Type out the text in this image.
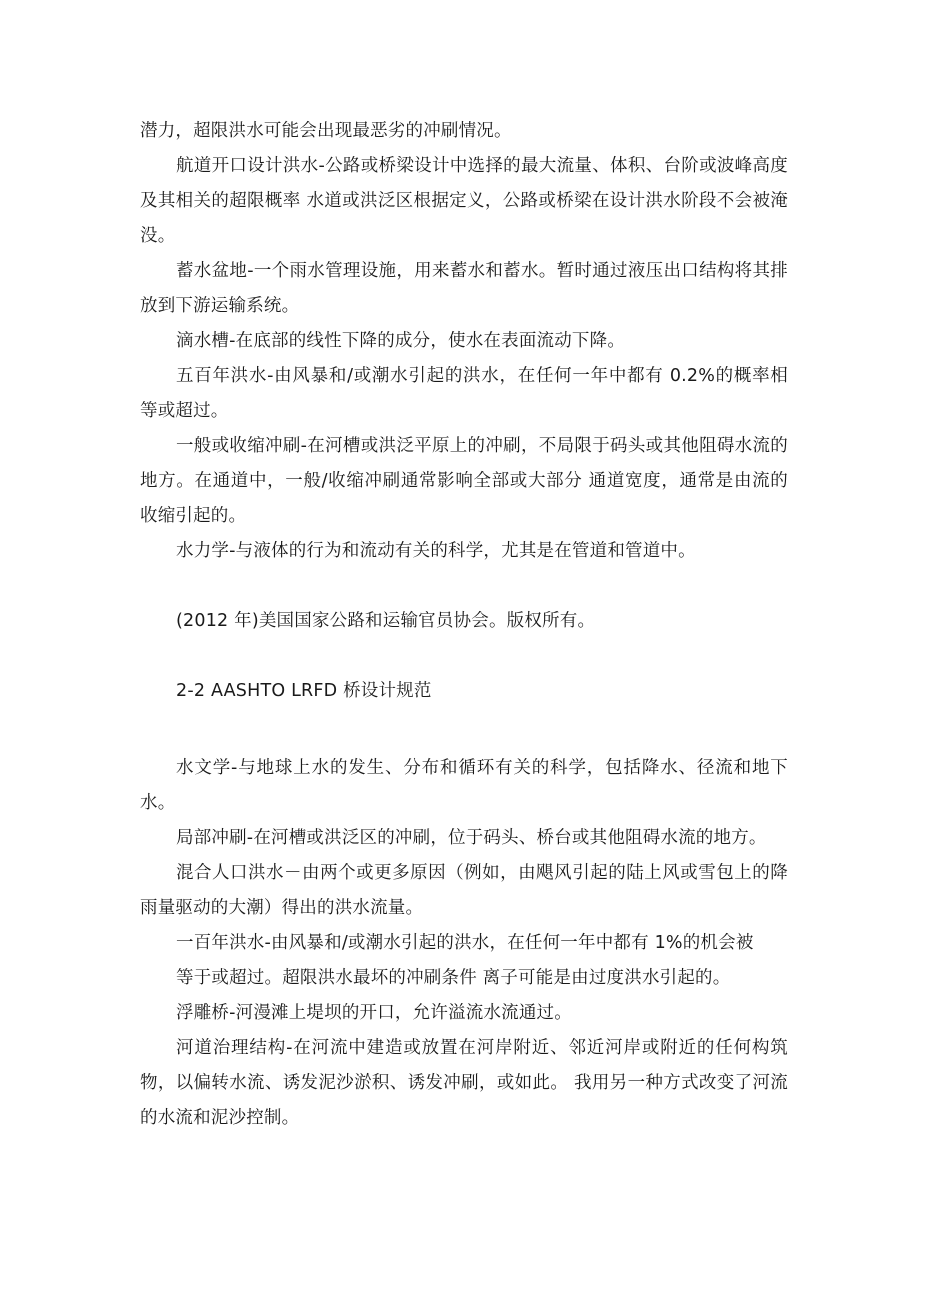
潜力，超限洪水可能会出现最恶劣的冲刷情况。

航道开口设计洪水-公路或桥梁设计中选择的最大流量、体积、台阶或波峰高度及其相关的超限概率 水道或洪泛区根据定义，公路或桥梁在设计洪水阶段不会被淹没。

蓄水盆地-一个雨水管理设施，用来蓄水和蓄水。暂时通过液压出口结构将其排放到下游运输系统。

滴水槽-在底部的线性下降的成分，使水在表面流动下降。

五百年洪水-由风暴和/或潮水引起的洪水，在任何一年中都有 0.2%的概率相等或超过。

一般或收缩冲刷-在河槽或洪泛平原上的冲刷，不局限于码头或其他阻碍水流的地方。在通道中，一般/收缩冲刷通常影响全部或大部分 通道宽度，通常是由流的收缩引起的。

水力学-与液体的行为和流动有关的科学，尤其是在管道和管道中。

(2012 年)美国国家公路和运输官员协会。版权所有。

2-2 AASHTO LRFD 桥设计规范

水文学-与地球上水的发生、分布和循环有关的科学，包括降水、径流和地下水。

局部冲刷-在河槽或洪泛区的冲刷，位于码头、桥台或其他阻碍水流的地方。

混合人口洪水－由两个或更多原因（例如，由飓风引起的陆上风或雪包上的降雨量驱动的大潮）得出的洪水流量。

一百年洪水-由风暴和/或潮水引起的洪水，在任何一年中都有 1%的机会被

等于或超过。超限洪水最坏的冲刷条件 离子可能是由过度洪水引起的。

浮雕桥-河漫滩上堤坝的开口，允许溢流水流通过。

河道治理结构-在河流中建造或放置在河岸附近、邻近河岸或附近的任何构筑物，以偏转水流、诱发泥沙淤积、诱发冲刷，或如此。 我用另一种方式改变了河流的水流和泥沙控制。
